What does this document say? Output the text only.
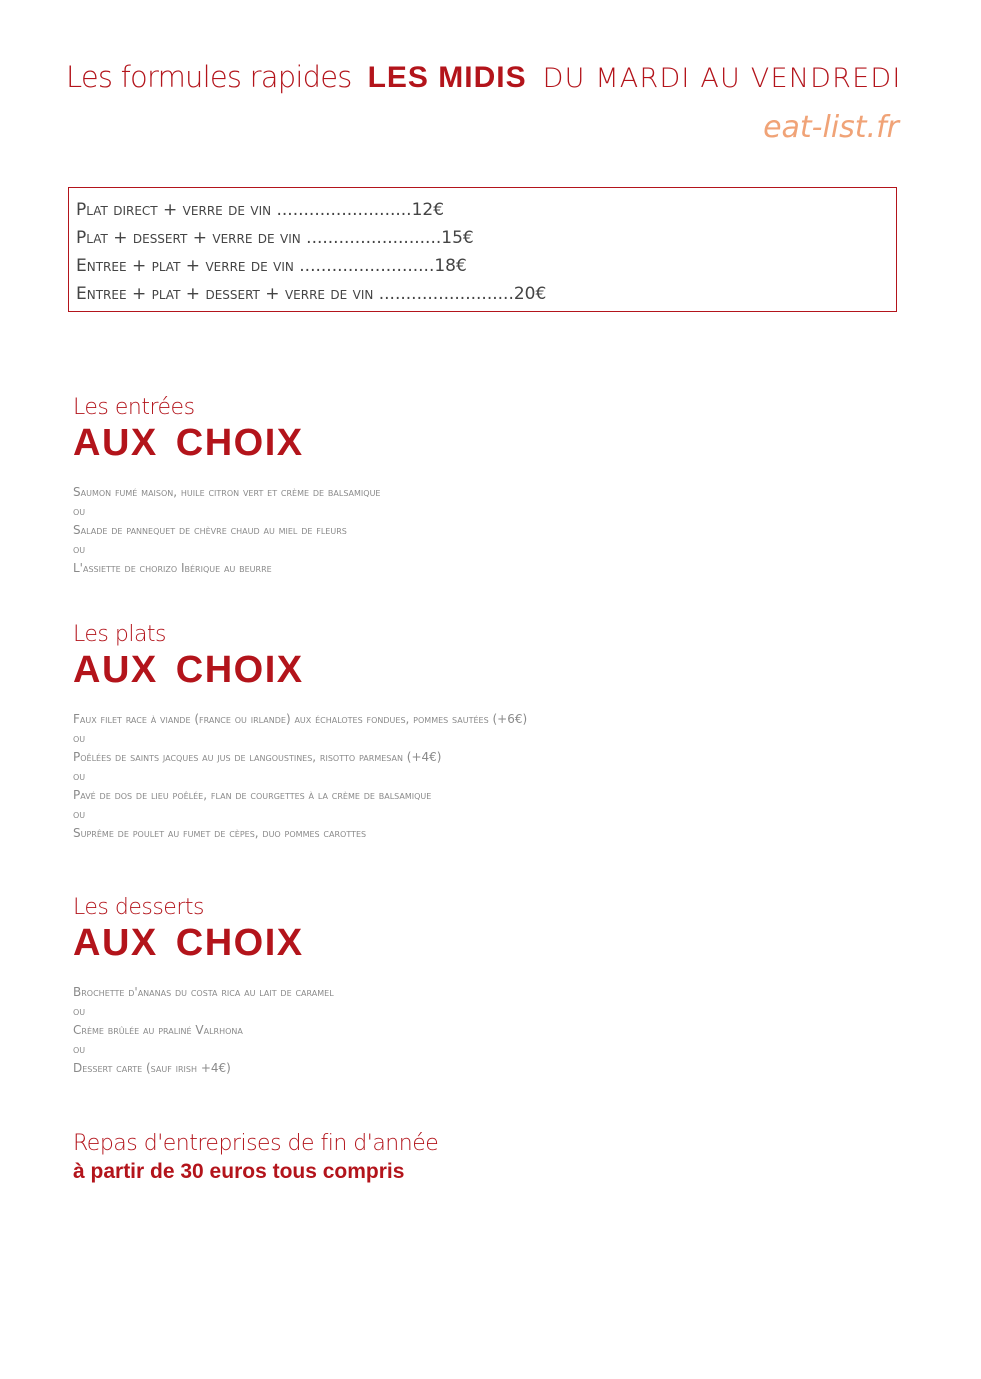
Les formules rapides LES MIDIS DU MARDI AU VENDREDI
eat-list.fr
Plat direct + verre de vin .........................12€
Plat + dessert + verre de vin .........................15€
Entree + plat + verre de vin .........................18€
Entree + plat + dessert + verre de vin .........................20€
Les entrées
AUX CHOIX
Saumon fumé maison, huile citron vert et crème de balsamique
ou
Salade de pannequet de chèvre chaud au miel de fleurs
ou
L'assiette de chorizo Ibérique au beurre
Les plats
AUX CHOIX
Faux filet race à viande (france ou irlande) aux échalotes fondues, pommes sautées (+6€)
ou
Poêlées de saints jacques au jus de langoustines, risotto parmesan (+4€)
ou
Pavé de dos de lieu poêlée, flan de courgettes à la crème de balsamique
ou
Suprême de poulet au fumet de cèpes, duo pommes carottes
Les desserts
AUX CHOIX
Brochette d'ananas du costa rica au lait de caramel
ou
Crème brûlée au praliné Valrhona
ou
Dessert carte (sauf irish +4€)
Repas d'entreprises de fin d'année
à partir de 30 euros tous compris
